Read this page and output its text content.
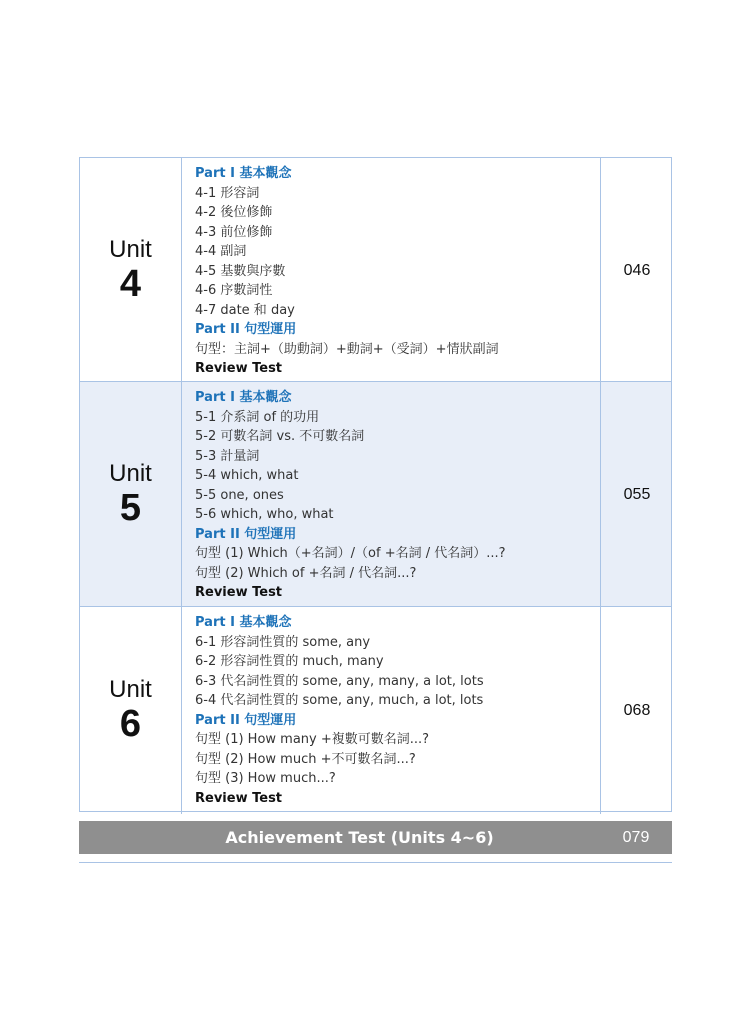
Unit
4
Part I 基本觀念
4-1 形容詞
4-2 後位修飾
4-3 前位修飾
4-4 副詞
4-5 基數與序數
4-6 序數詞性
4-7 date 和 day
Part II 句型運用
句型：主詞+（助動詞）+動詞+（受詞）+情狀副詞
Review Test
046
Unit
5
Part I 基本觀念
5-1 介系詞 of 的功用
5-2 可數名詞 vs. 不可數名詞
5-3 計量詞
5-4 which, what
5-5 one, ones
5-6 which, who, what
Part II 句型運用
句型 (1) Which（+名詞）/（of +名詞 / 代名詞）...?
句型 (2) Which of +名詞 / 代名詞...?
Review Test
055
Unit
6
Part I 基本觀念
6-1 形容詞性質的 some, any
6-2 形容詞性質的 much, many
6-3 代名詞性質的 some, any, many, a lot, lots
6-4 代名詞性質的 some, any, much, a lot, lots
Part II 句型運用
句型 (1) How many +複數可數名詞...?
句型 (2) How much +不可數名詞...?
句型 (3) How much...?
Review Test
068
Achievement Test (Units 4~6)	079
